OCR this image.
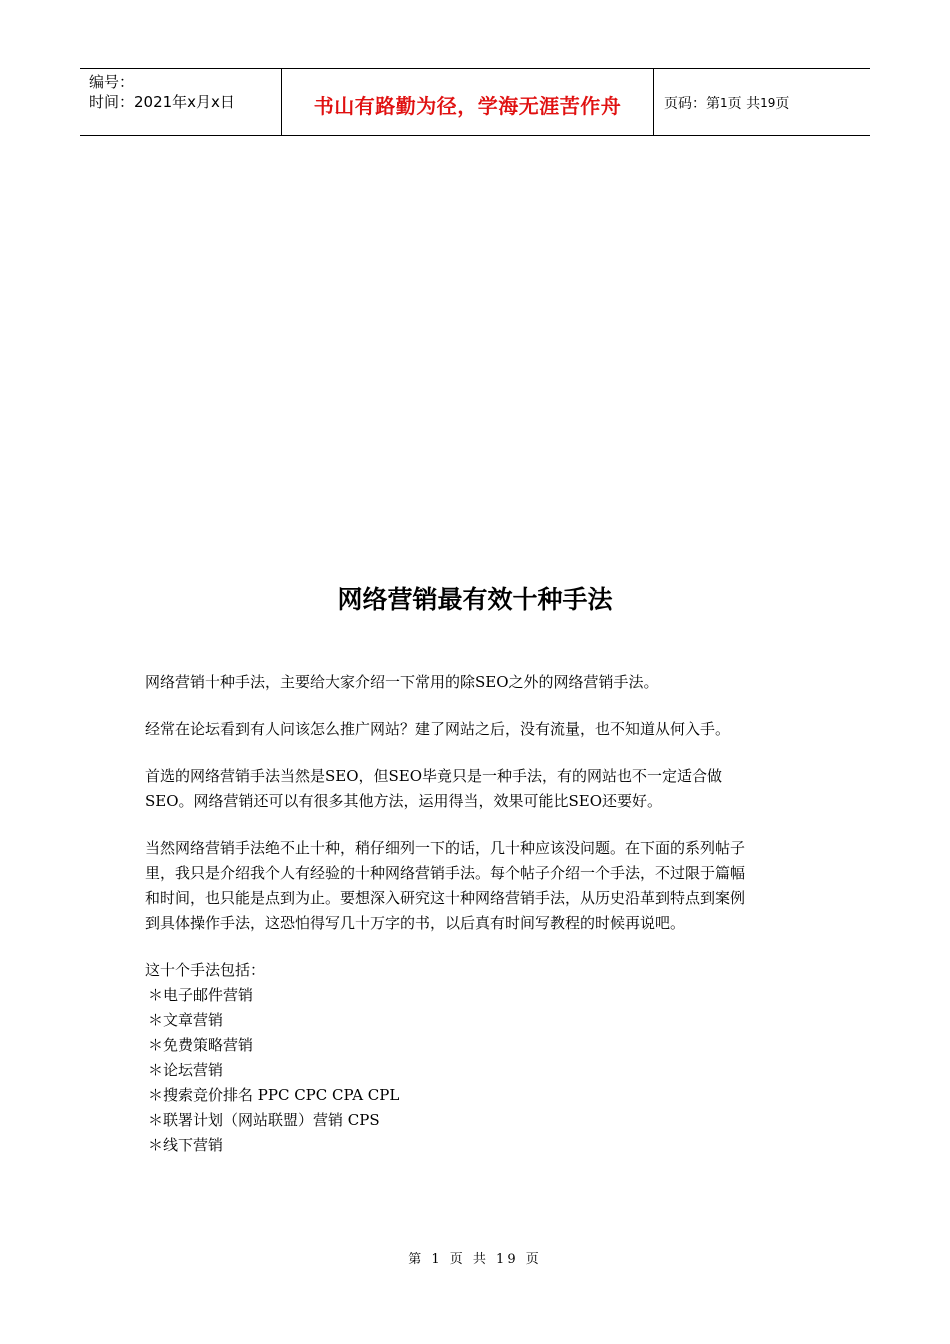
编号：
时间：2021年x月x日	书山有路勤为径，学海无涯苦作舟	页码：第 1 页 共 19 页
网络营销最有效十种手法

网络营销十种手法，主要给大家介绍一下常用的除SEO之外的网络营销手法。

经常在论坛看到有人问该怎么推广网站？建了网站之后，没有流量，也不知道从何入手。

首选的网络营销手法当然是SEO，但SEO毕竟只是一种手法，有的网站也不一定适合做SEO。网络营销还可以有很多其他方法，运用得当，效果可能比SEO还要好。

当然网络营销手法绝不止十种，稍仔细列一下的话，几十种应该没问题。在下面的系列帖子里，我只是介绍我个人有经验的十种网络营销手法。每个帖子介绍一个手法，不过限于篇幅和时间，也只能是点到为止。要想深入研究这十种网络营销手法，从历史沿革到特点到案例到具体操作手法，这恐怕得写几十万字的书，以后真有时间写教程的时候再说吧。

这十个手法包括：
＊电子邮件营销
＊文章营销
＊免费策略营销
＊论坛营销
＊搜索竞价排名 PPC CPC CPA CPL
＊联署计划（网站联盟）营销 CPS
＊线下营销
第 1 页 共 19 页
